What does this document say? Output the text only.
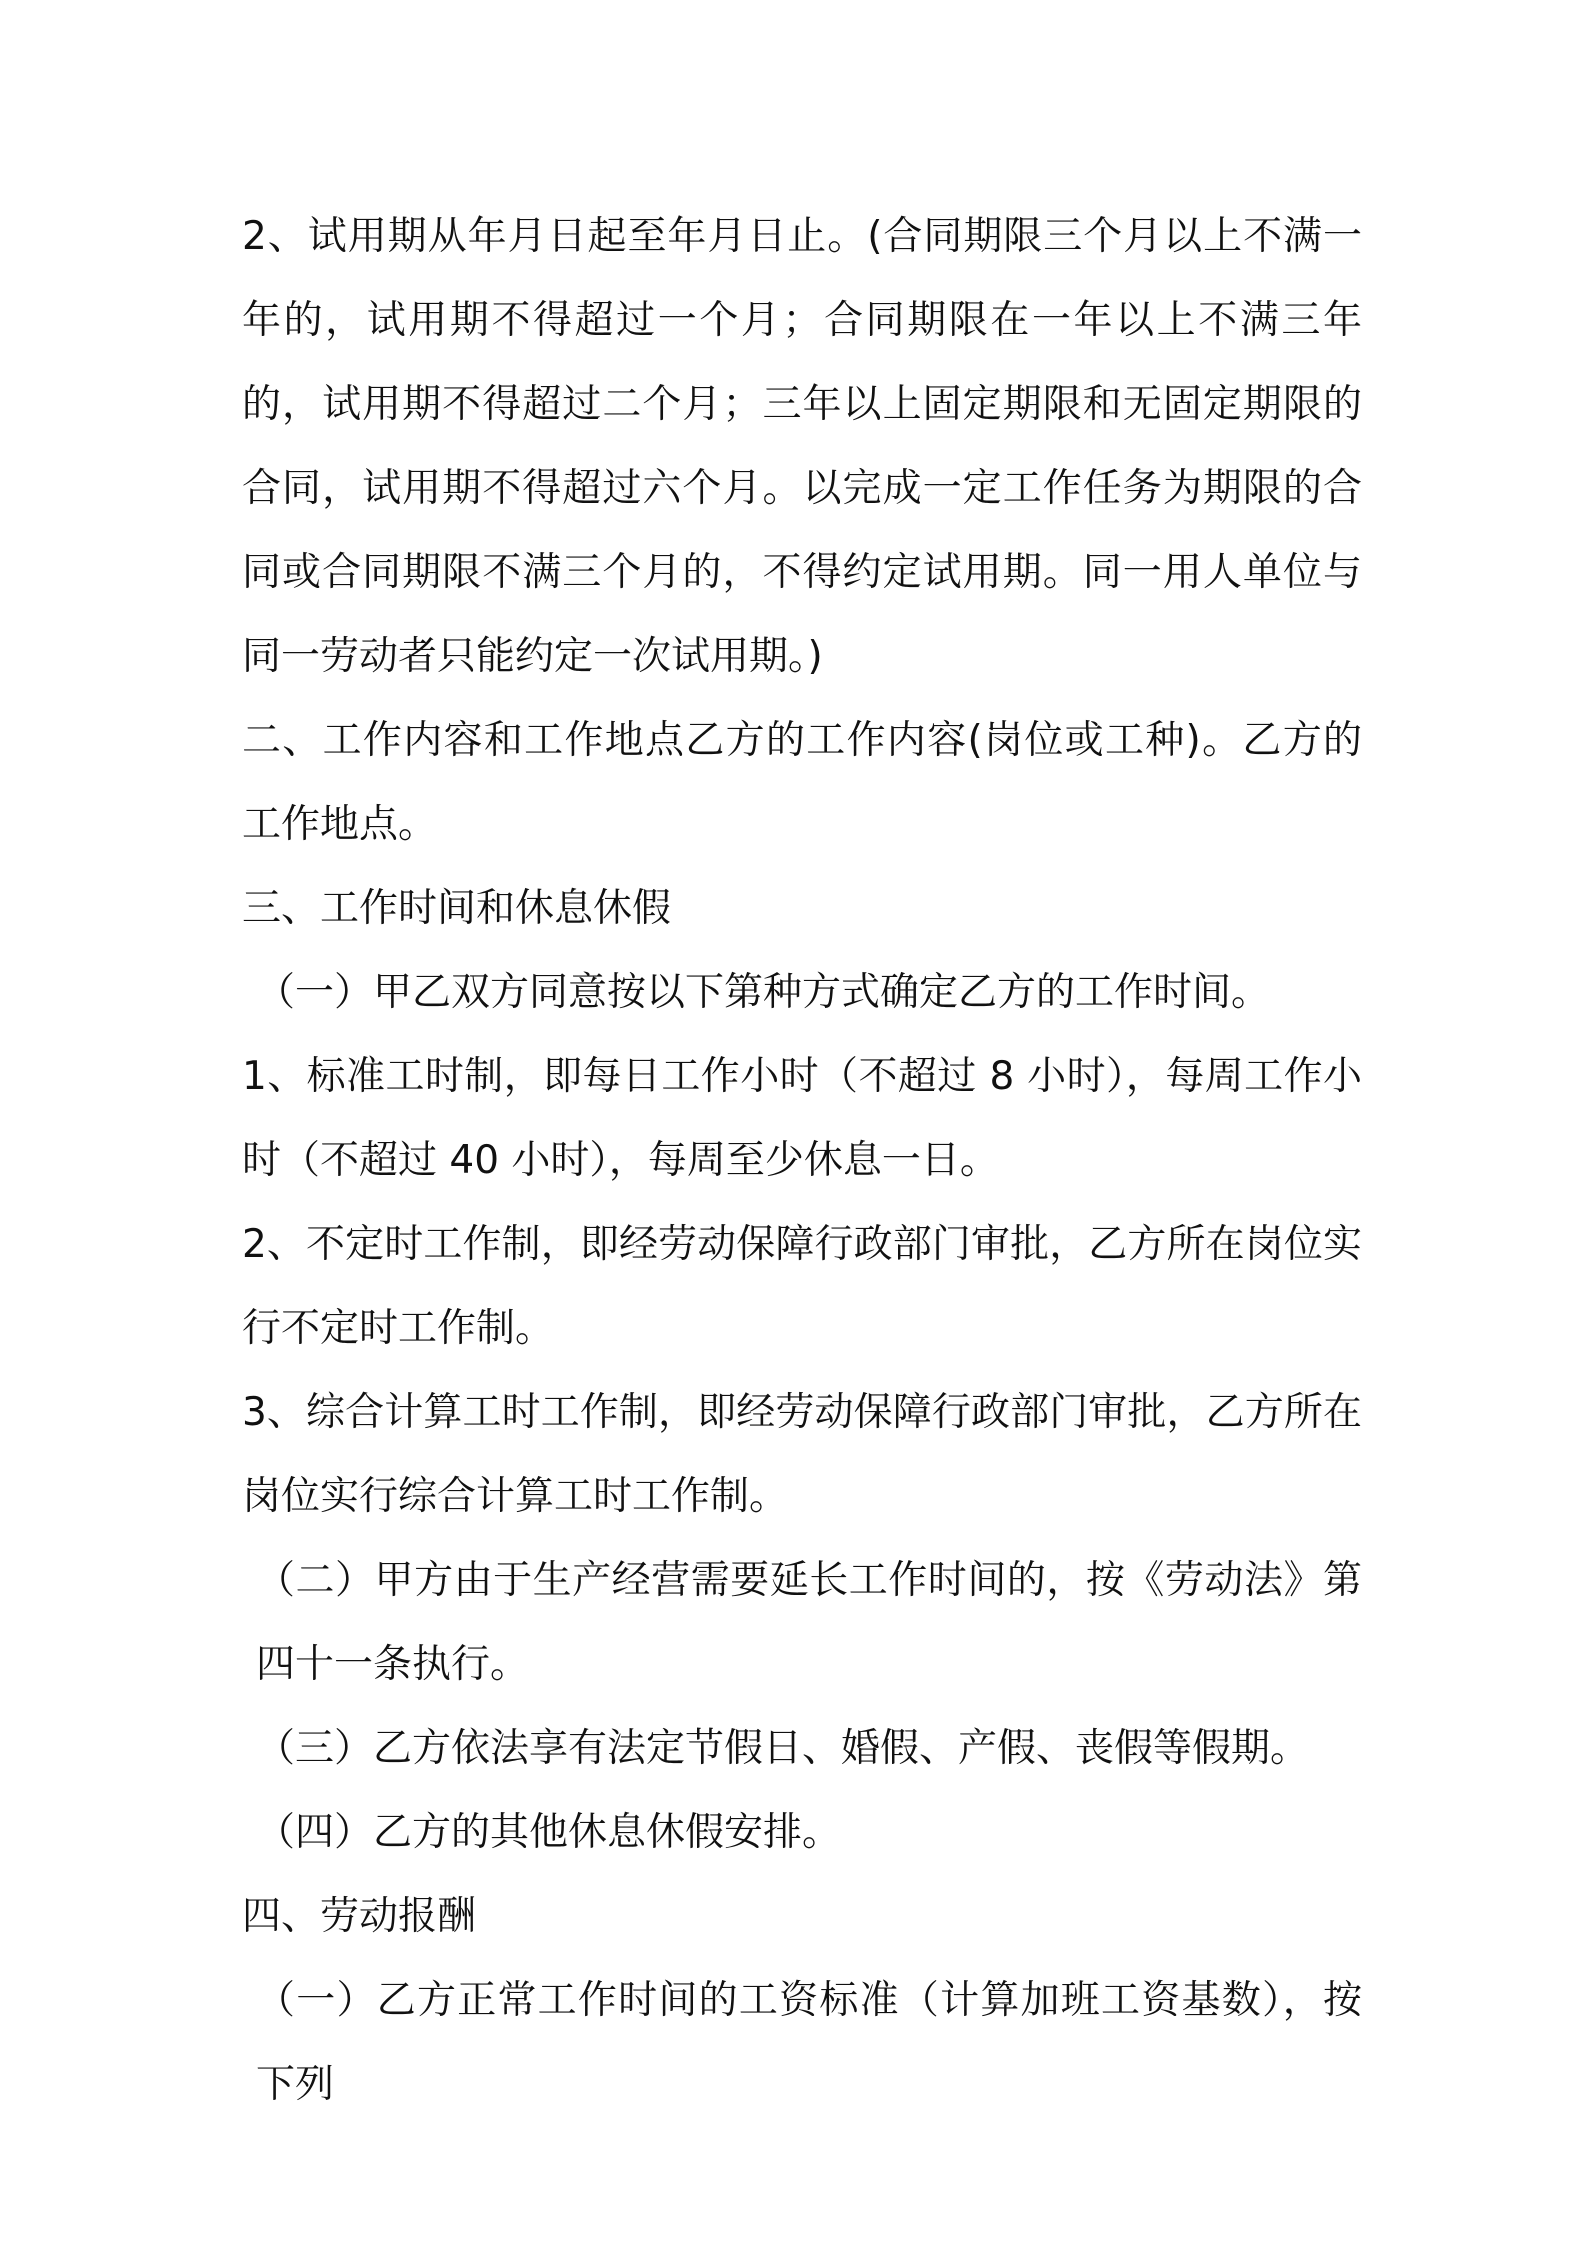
2、试用期从年月日起至年月日止。(合同期限三个月以上不满一年的，试用期不得超过一个月；合同期限在一年以上不满三年的，试用期不得超过二个月；三年以上固定期限和无固定期限的合同，试用期不得超过六个月。以完成一定工作任务为期限的合同或合同期限不满三个月的，不得约定试用期。同一用人单位与同一劳动者只能约定一次试用期。)

二、工作内容和工作地点乙方的工作内容(岗位或工种)。乙方的工作地点。

三、工作时间和休息休假

（一）甲乙双方同意按以下第种方式确定乙方的工作时间。

1、标准工时制，即每日工作小时（不超过 8 小时），每周工作小时（不超过 40 小时），每周至少休息一日。

2、不定时工作制，即经劳动保障行政部门审批，乙方所在岗位实行不定时工作制。

3、综合计算工时工作制，即经劳动保障行政部门审批，乙方所在岗位实行综合计算工时工作制。

（二）甲方由于生产经营需要延长工作时间的，按《劳动法》第四十一条执行。

（三）乙方依法享有法定节假日、婚假、产假、丧假等假期。

（四）乙方的其他休息休假安排。

四、劳动报酬

（一）乙方正常工作时间的工资标准（计算加班工资基数），按下列
